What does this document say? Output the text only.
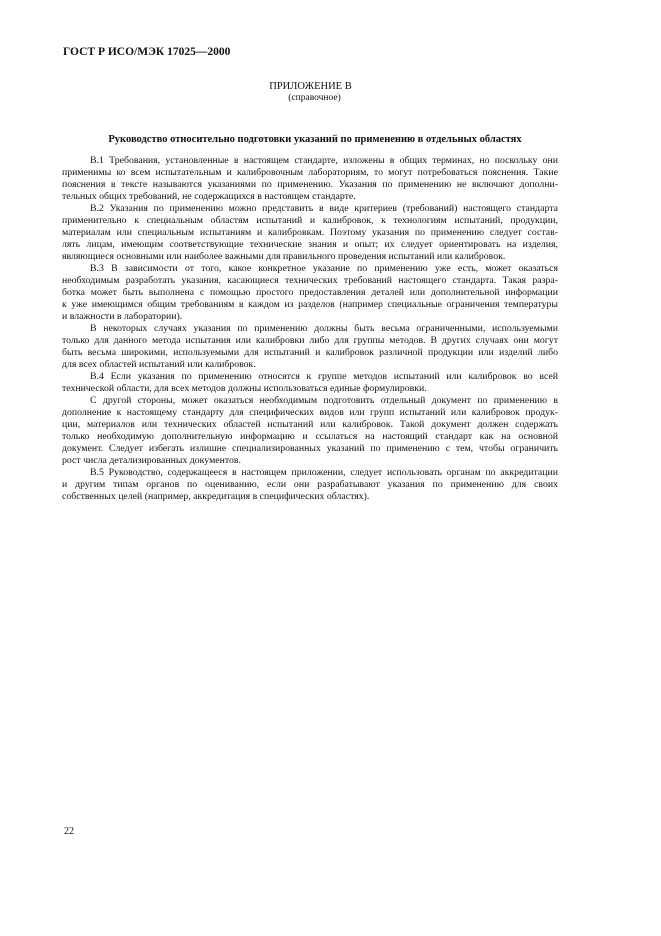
ГОСТ Р ИСО/МЭК 17025—2000
ПРИЛОЖЕНИЕ В
(справочное)
Руководство относительно подготовки указаний по применению в отдельных областях
В.1 Требования, установленные в настоящем стандарте, изложены в общих терминах, но поскольку они
применимы ко всем испытательным и калибровочным лабораториям, то могут потребоваться пояснения. Такие
пояснения в тексте называются указаниями по применению. Указания по применению не включают дополни-
тельных общих требований, не содержащихся в настоящем стандарте.
В.2 Указания по применению можно представить в виде критериев (требований) настоящего стандарта
применительно к специальным областям испытаний и калибровок, к технологиям испытаний, продукции,
материалам или специальным испытаниям и калибровкам. Поэтому указания по применению следует состав-
лять лицам, имеющим соответствующие технические знания и опыт; их следует ориентировать на изделия,
являющиеся основными или наиболее важными для правильного проведения испытаний или калибровок.
В.3 В зависимости от того, какое конкретное указание по применению уже есть, может оказаться
необходимым разработать указания, касающиеся технических требований настоящего стандарта. Такая разра-
ботка может быть выполнена с помощью простого предоставления деталей или дополнительной информации
к уже имеющимся общим требованиям в каждом из разделов (например специальные ограничения температуры
и влажности в лаборатории).
В некоторых случаях указания по применению должны быть весьма ограниченными, используемыми
только для данного метода испытания или калибровки либо для группы методов. В других случаях они могут
быть весьма широкими, используемыми для испытаний и калибровок различной продукции или изделий либо
для всех областей испытаний или калибровок.
В.4 Если указания по применению относятся к группе методов испытаний или калибровок во всей
технической области, для всех методов должны использоваться единые формулировки.
С другой стороны, может оказаться необходимым подготовить отдельный документ по применению в
дополнение к настоящему стандарту для специфических видов или групп испытаний или калибровок продук-
ции, материалов или технических областей испытаний или калибровок. Такой документ должен содержать
только необходимую дополнительную информацию и ссылаться на настоящий стандарт как на основной
документ. Следует избегать излишне специализированных указаний по применению с тем, чтобы ограничить
рост числа детализированных документов.
В.5 Руководство, содержащееся в настоящем приложении, следует использовать органам по аккредитации
и другим типам органов по оцениванию, если они разрабатывают указания по применению для своих
собственных целей (например, аккредитация в специфических областях).
22
